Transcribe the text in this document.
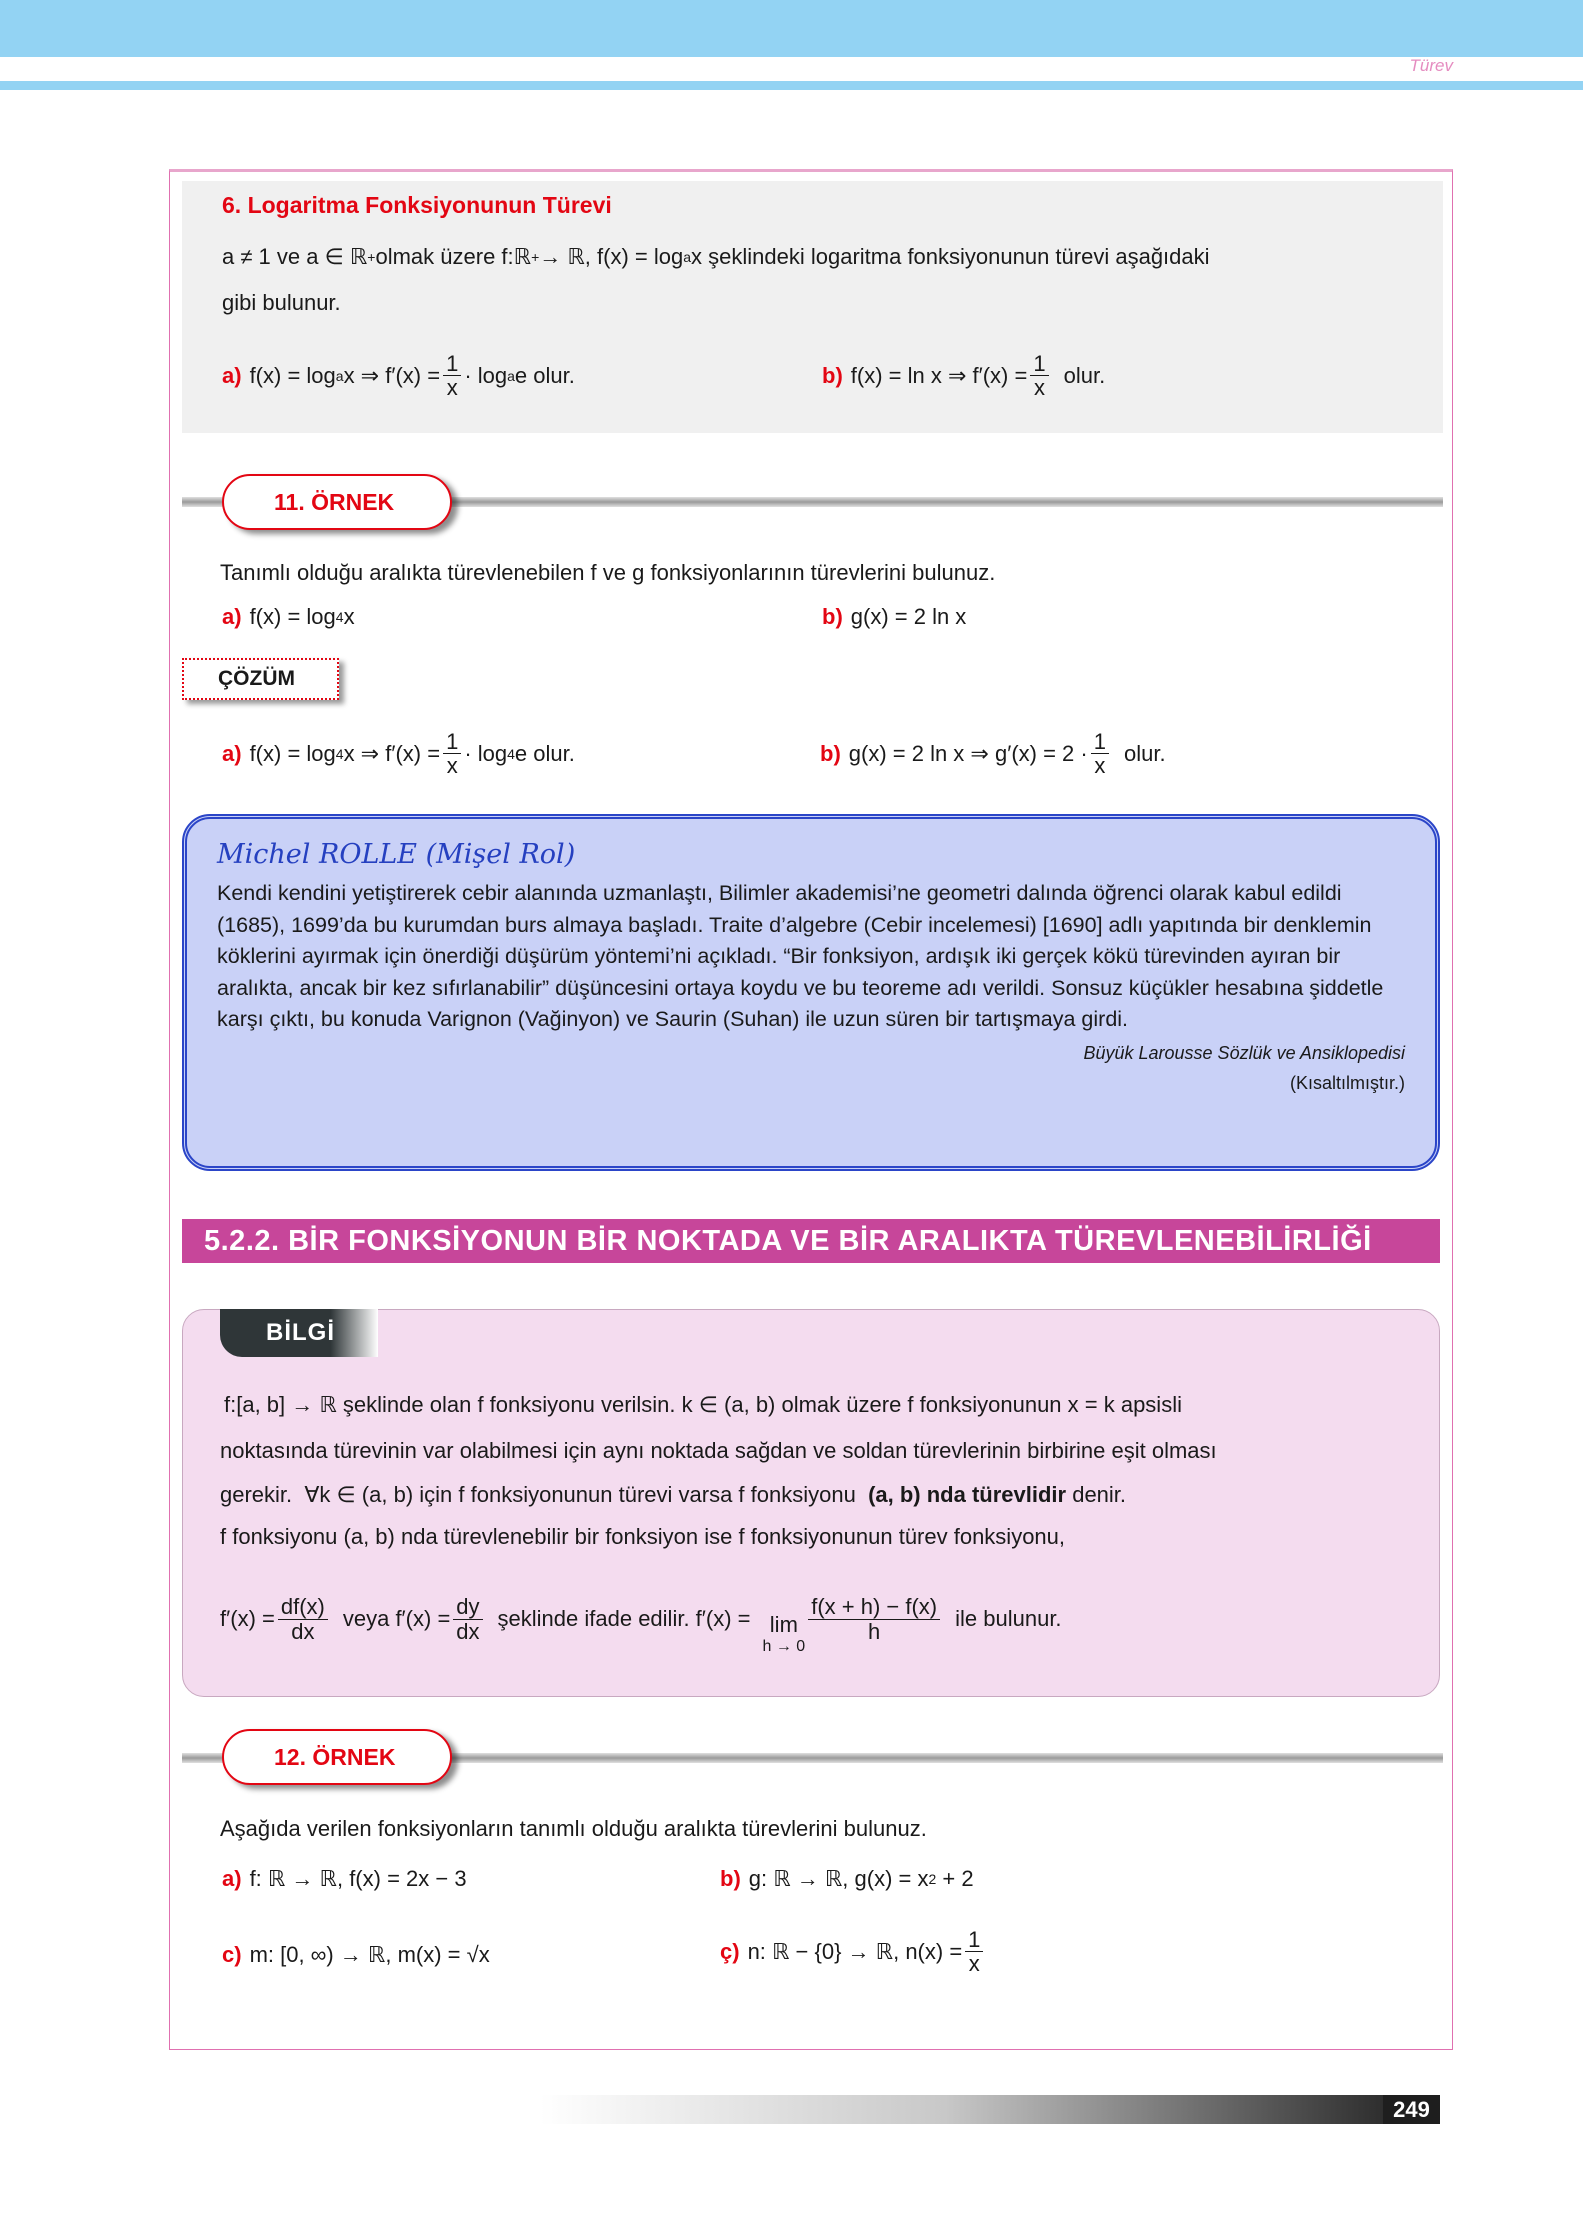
Türev
6. Logaritma Fonksiyonunun Türevi
a ≠ 1 ve a ∈ ℝ + olmak üzere f:ℝ + → ℝ, f(x) = log a x şeklindeki logaritma fonksiyonunun türevi aşağıdaki
gibi bulunur.
a) f(x) = log a x ⇒ $f'(x) = \frac{1}{x} \cdot \log a$ e olur.	b) f(x) = ln x ⇒ $f'(x) = \frac{1}{x}$ olur.
11. ÖRNEK
Tanımlı olduğu aralıkta türevlenebilen f ve g fonksiyonlarının türevlerini bulunuz.
a) f(x) = log 4 x	b) g(x) = 2 ln x
ÇÖZÜM
a) f(x) = log 4 x ⇒ $f'(x) = \frac{1}{x} \cdot \log 4$ e olur.	b) g(x) = 2 ln x ⇒ $g'(x) = 2 \cdot \frac{1}{x}$ olur.
Michel ROLLE (Mişel Rol)
Kendi kendini yetiştirerek cebir alanında uzmanlaştı, Bilimler akademisi’ne geometri dalında öğrenci olarak kabul edildi (1685), 1699’da bu kurumdan burs almaya başladı. Traite d’algebre (Cebir incelemesi) [1690] adlı yapıtında bir denklemin köklerini ayırmak için önerdiği düşürüm yöntemi’ni açıkladı. “Bir fonksiyon, ardışık iki gerçek kökü türevinden ayıran bir aralıkta, ancak bir kez sıfırlanabilir” düşüncesini ortaya koydu ve bu teoreme adı verildi. Sonsuz küçükler hesabına şiddetle karşı çıktı, bu konuda Varignon (Vağinyon) ve Saurin (Suhan) ile uzun süren bir tartışmaya girdi.
Büyük Larousse Sözlük ve Ansiklopedisi
(Kısaltılmıştır.)
5.2.2. BİR FONKSİYONUN BİR NOKTADA VE BİR ARALIKTA TÜREVLENEBİLİRLİĞİ
BİLGİ
f:[a, b] → ℝ şeklinde olan f fonksiyonu verilsin. k ∈ (a, b) olmak üzere f fonksiyonunun x = k apsisli
noktasında türevinin var olabilmesi için aynı noktada sağdan ve soldan türevlerinin birbirine eşit olması
gerekir.  ∀k ∈ (a, b) için f fonksiyonunun türevi varsa f fonksiyonu (a, b) nda türevlidir denir.
f fonksiyonu (a, b) nda türevlenebilir bir fonksiyon ise f fonksiyonunun türev fonksiyonu,
$f'(x) = \frac{df(x)}{dx}$ veya $f'(x) = \frac{dy}{dx}$ şeklinde ifade edilir. f′(x) = lim
h → 0
$\frac{f(x + h) - f(x)}{h}$ ile bulunur.
12. ÖRNEK
Aşağıda verilen fonksiyonların tanımlı olduğu aralıkta türevlerini bulunuz.
a) f: ℝ → ℝ, f(x) = 2x − 3	b) g: ℝ → ℝ, g(x) = x 2 + 2
c) m: [0, ∞) → ℝ, m(x) = √x	ç) n: ℝ − {0} → ℝ, $n(x) = \frac{1}{x}$
249
